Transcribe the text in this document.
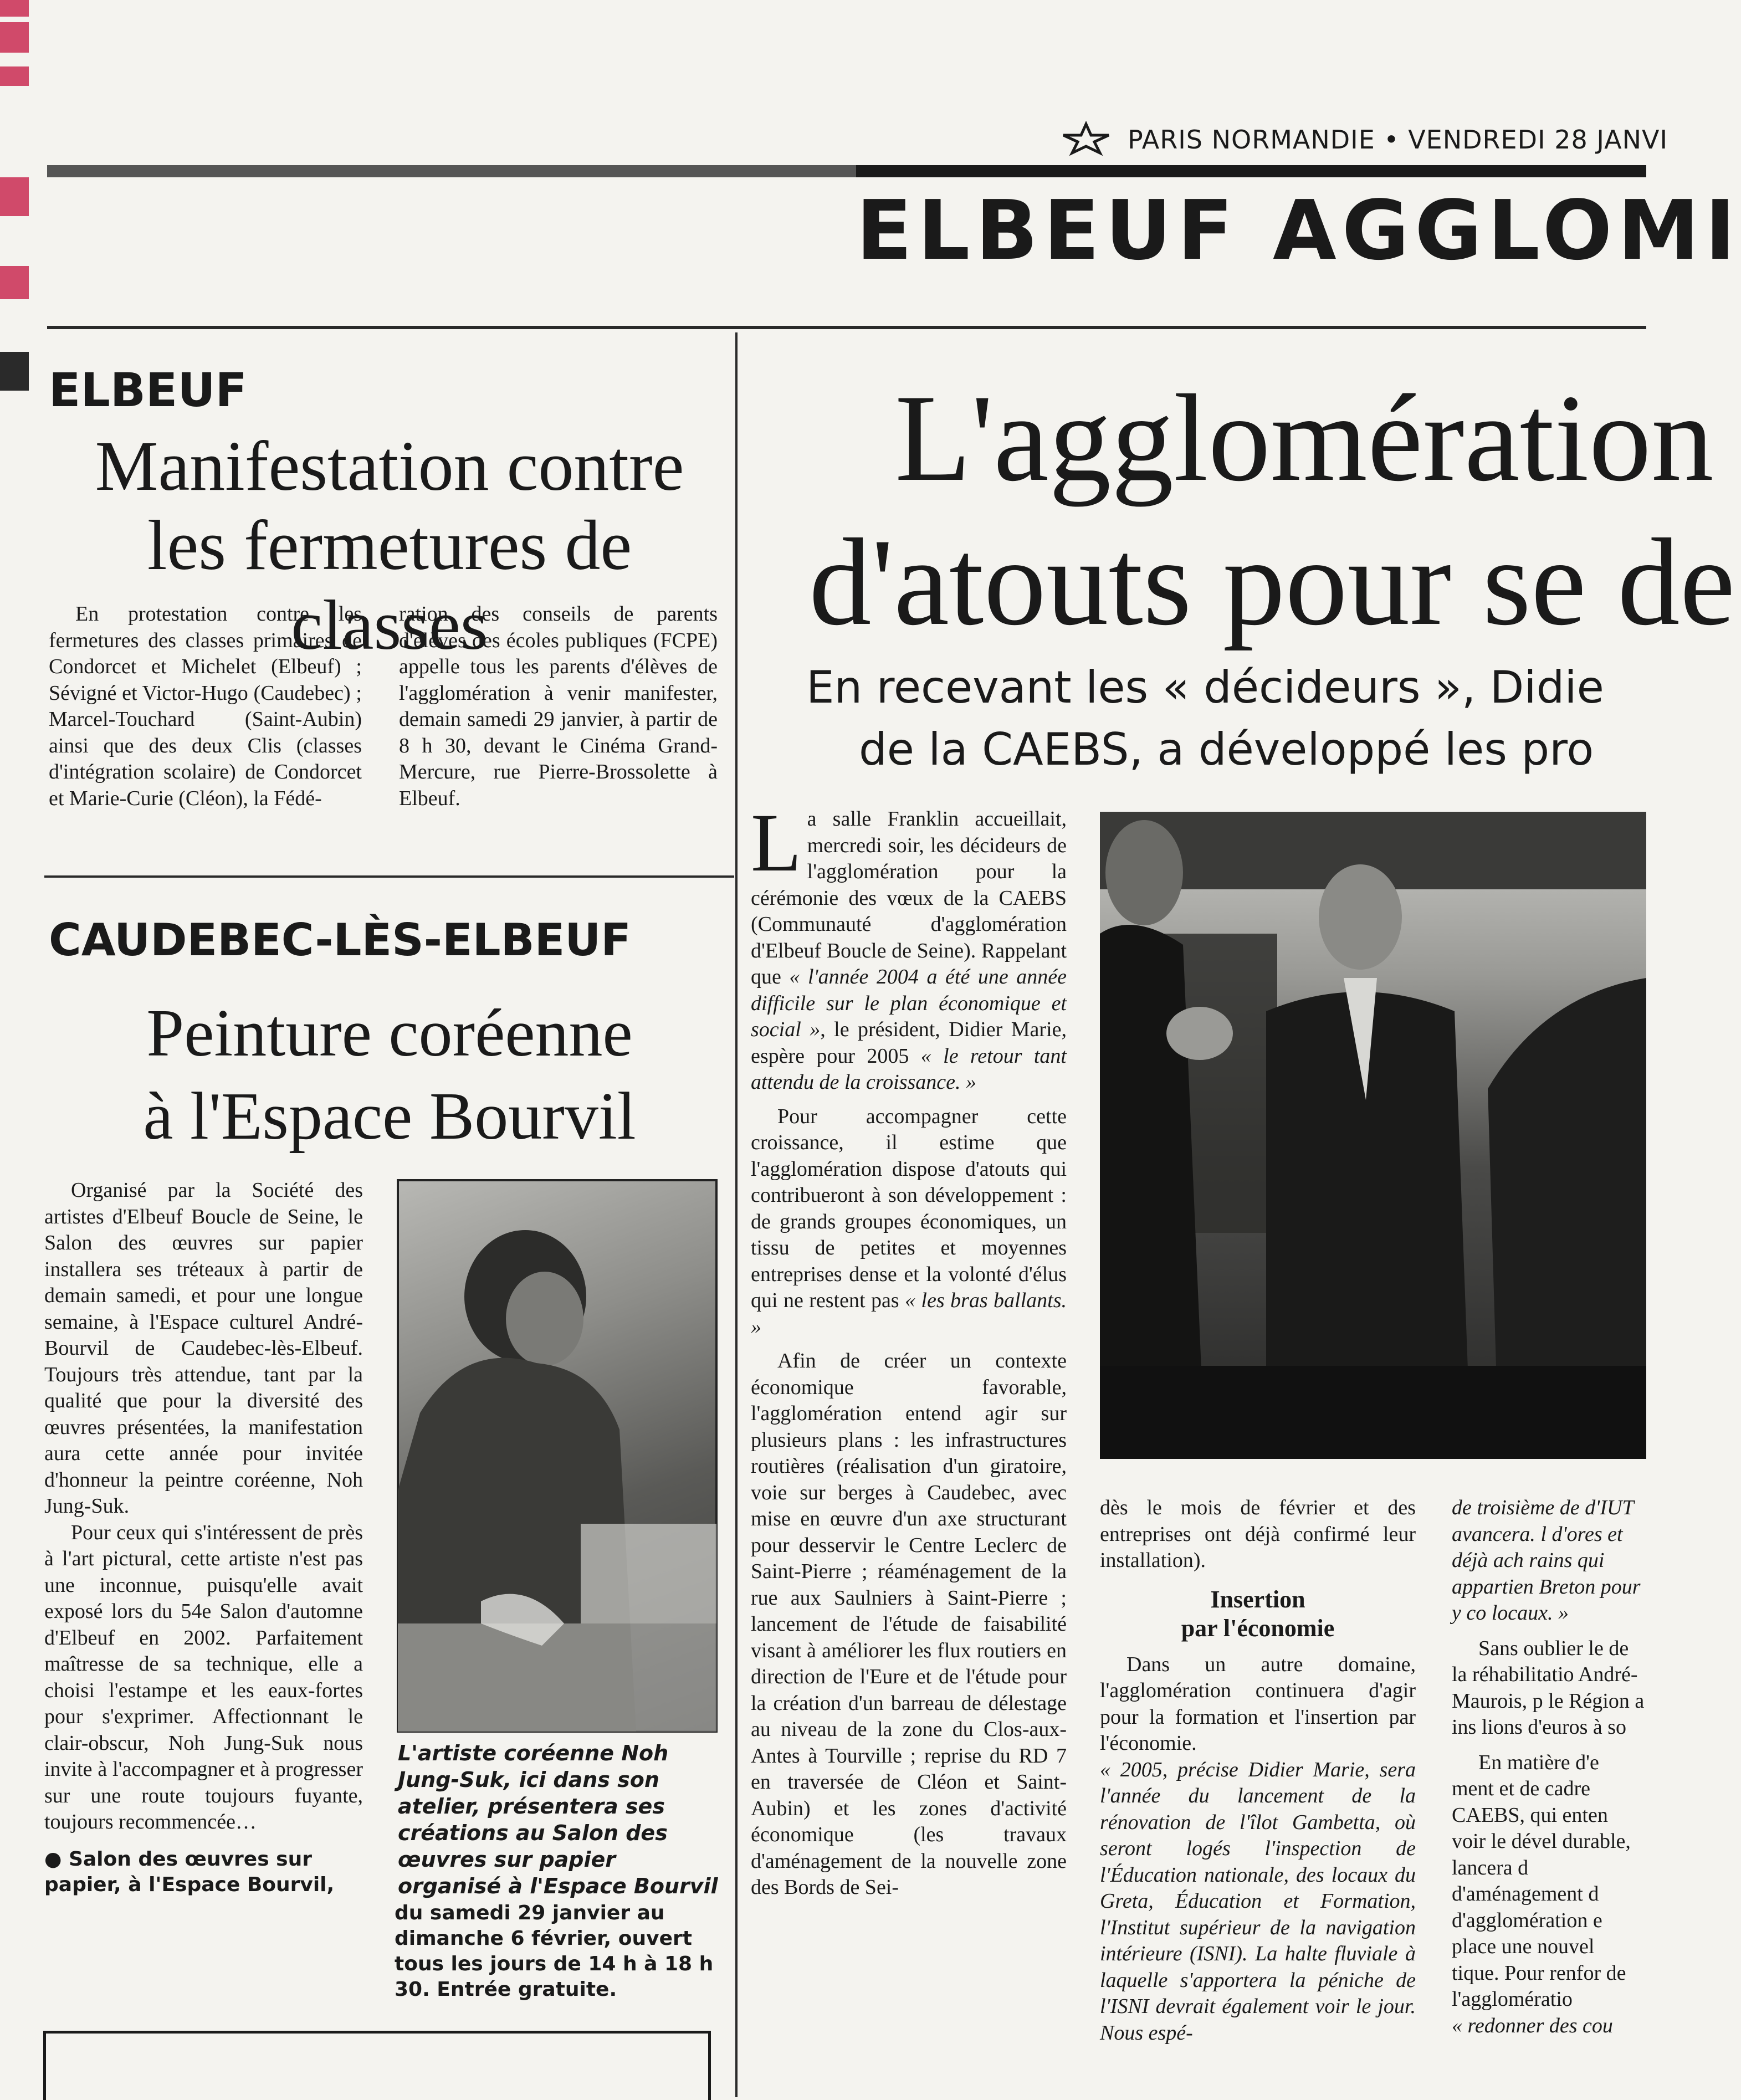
PARIS NORMANDIE • VENDREDI 28 JANVI
ELBEUF AGGLOMI
ELBEUF
Manifestation contre
les fermetures de classes

En protestation contre les fermetures des classes primaires de Condorcet et Michelet (Elbeuf) ; Sévigné et Victor-Hugo (Caudebec) ; Marcel-Touchard (Saint-Aubin) ainsi que des deux Clis (classes d'intégration scolaire) de Condorcet et Marie-Curie (Cléon), la Fédé-

ration des conseils de parents d'élèves des écoles publiques (FCPE) appelle tous les parents d'élèves de l'agglomération à venir manifester, demain samedi 29 janvier, à partir de 8 h 30, devant le Cinéma Grand-Mercure, rue Pierre-Brossolette à Elbeuf.

CAUDEBEC-LÈS-ELBEUF
Peinture coréenne
à l'Espace Bourvil

Organisé par la Société des artistes d'Elbeuf Boucle de Seine, le Salon des œuvres sur papier installera ses tréteaux à partir de demain samedi, et pour une longue semaine, à l'Espace culturel André-Bourvil de Caudebec-lès-Elbeuf. Toujours très attendue, tant par la qualité que pour la diversité des œuvres présentées, la manifestation aura cette année pour invitée d'honneur la peintre coréenne, Noh Jung-Suk.

Pour ceux qui s'intéressent de près à l'art pictural, cette artiste n'est pas une inconnue, puisqu'elle avait exposé lors du 54e Salon d'automne d'Elbeuf en 2002. Parfaitement maîtresse de sa technique, elle a choisi l'estampe et les eaux-fortes pour s'exprimer. Affectionnant le clair-obscur, Noh Jung-Suk nous invite à l'accompagner et à progresser sur une route toujours fuyante, toujours recommencée…

● Salon des œuvres sur papier, à l'Espace Bourvil,

L'artiste coréenne Noh Jung-Suk, ici dans son atelier, présentera ses créations au Salon des œuvres sur papier organisé à l'Espace Bourvil
du samedi 29 janvier au dimanche 6 février, ouvert tous les jours de 14 h à 18 h 30. Entrée gratuite.
L'agglomération
d'atouts pour se de
En recevant les « décideurs », Didie
de la CAEBS, a développé les pro

La salle Franklin accueillait, mercredi soir, les décideurs de l'agglomération pour la cérémonie des vœux de la CAEBS (Communauté d'agglomération d'Elbeuf Boucle de Seine). Rappelant que « l'année 2004 a été une année difficile sur le plan économique et social », le président, Didier Marie, espère pour 2005 « le retour tant attendu de la croissance. »

Pour accompagner cette croissance, il estime que l'agglomération dispose d'atouts qui contribueront à son développement : de grands groupes économiques, un tissu de petites et moyennes entreprises dense et la volonté d'élus qui ne restent pas « les bras ballants. »

Afin de créer un contexte économique favorable, l'agglomération entend agir sur plusieurs plans : les infrastructures routières (réalisation d'un giratoire, voie sur berges à Caudebec, avec mise en œuvre d'un axe structurant pour desservir le Centre Leclerc de Saint-Pierre ; réaménagement de la rue aux Saulniers à Saint-Pierre ; lancement de l'étude de faisabilité visant à améliorer les flux routiers en direction de l'Eure et de l'étude pour la création d'un barreau de délestage au niveau de la zone du Clos-aux-Antes à Tourville ; reprise du RD 7 en traversée de Cléon et Saint-Aubin) et les zones d'activité économique (les travaux d'aménagement de la nouvelle zone des Bords de Sei-

dès le mois de février et des entreprises ont déjà confirmé leur installation).

Insertion
par l'économie

Dans un autre domaine, l'agglomération continuera d'agir pour la formation et l'insertion par l'économie.

« 2005, précise Didier Marie, sera l'année du lancement de la rénovation de l'îlot Gambetta, où seront logés l'inspection de l'Éducation nationale, des locaux du Greta, Éducation et Formation, l'Institut supérieur de la navigation intérieure (ISNI). La halte fluviale à laquelle s'apportera la péniche de l'ISNI devrait également voir le jour. Nous espé-

de troisième de d'IUT avancera. l d'ores et déjà ach rains qui appartien Breton pour y co locaux. »

Sans oublier le de la réhabilitatio André-Maurois, p le Région a ins lions d'euros à so

En matière d'e ment et de cadre CAEBS, qui enten voir le dével durable, lancera d d'aménagement d d'agglomération e place une nouvel tique. Pour renfor de l'agglomératio

« redonner des cou
